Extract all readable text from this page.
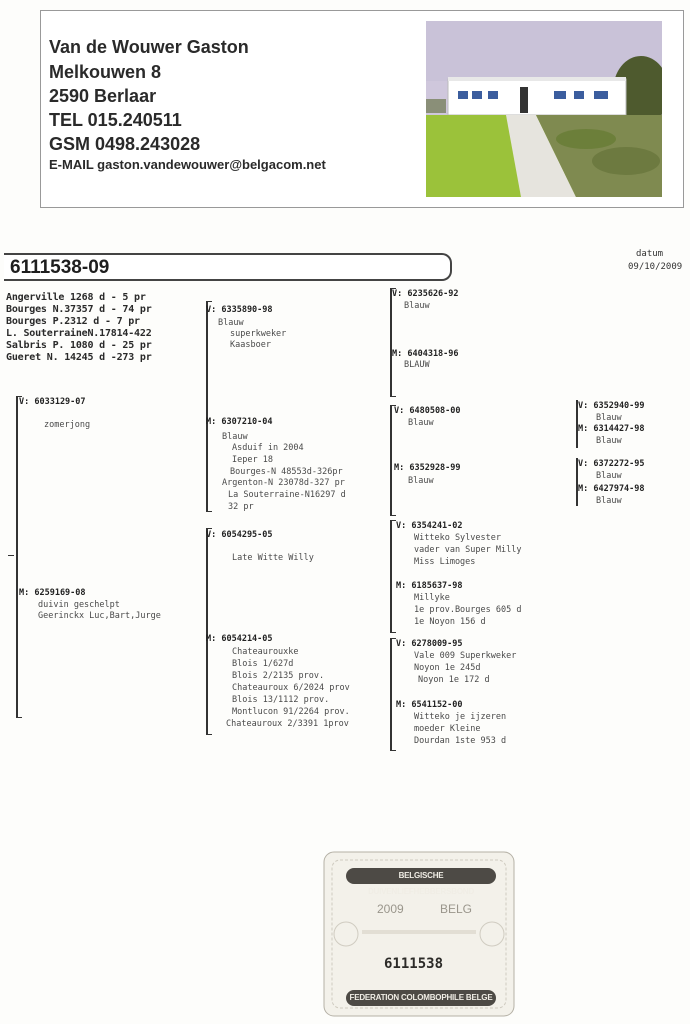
Van de Wouwer Gaston
Melkouwen 8
2590 Berlaar
TEL 015.240511
GSM 0498.243028
E-MAIL gaston.vandewouwer@belgacom.net
6111538-09
datum
09/10/2009
Angerville 1268 d - 5 pr
Bourges N.37357 d - 74 pr
Bourges P.2312 d - 7 pr
L. SouterraineN.17814-422
Salbris P. 1080 d - 25 pr
Gueret N. 14245 d -273 pr
V: 6033129-07
zomerjong
M: 6259169-08
duivin geschelpt
Geerinckx Luc,Bart,Jurge
V: 6335890-98
Blauw
superkweker
Kaasboer
M: 6307210-04
Blauw
Asduif in 2004
Ieper 18
Bourges-N 48553d-326pr
Argenton-N 23078d-327 pr
La Souterraine-N16297 d
32 pr
V: 6054295-05
Late Witte Willy
M: 6054214-05
Chateaurouxke
Blois 1/627d
Blois 2/2135 prov.
Chateauroux 6/2024 prov
Blois 13/1112 prov.
Montlucon 91/2264 prov.
Chateauroux 2/3391 1prov
V: 6235626-92
Blauw
M: 6404318-96
BLAUW
V: 6480508-00
Blauw
M: 6352928-99
Blauw
V: 6354241-02
Witteko Sylvester
vader van Super Milly
Miss Limoges
M: 6185637-98
Millyke
1e prov.Bourges 605 d
1e Noyon 156 d
V: 6278009-95
Vale 009 Superkweker
Noyon 1e 245d
Noyon 1e 172 d
M: 6541152-00
Witteko je ijzeren
moeder Kleine
Dourdan 1ste 953 d
V: 6352940-99
Blauw
M: 6314427-98
Blauw
V: 6372272-95
Blauw
M: 6427974-98
Blauw
BELGISCHE DUIVENLIEFHEBBERSBOND
2009	BELG
6111538
FEDERATION COLOMBOPHILE BELGE
